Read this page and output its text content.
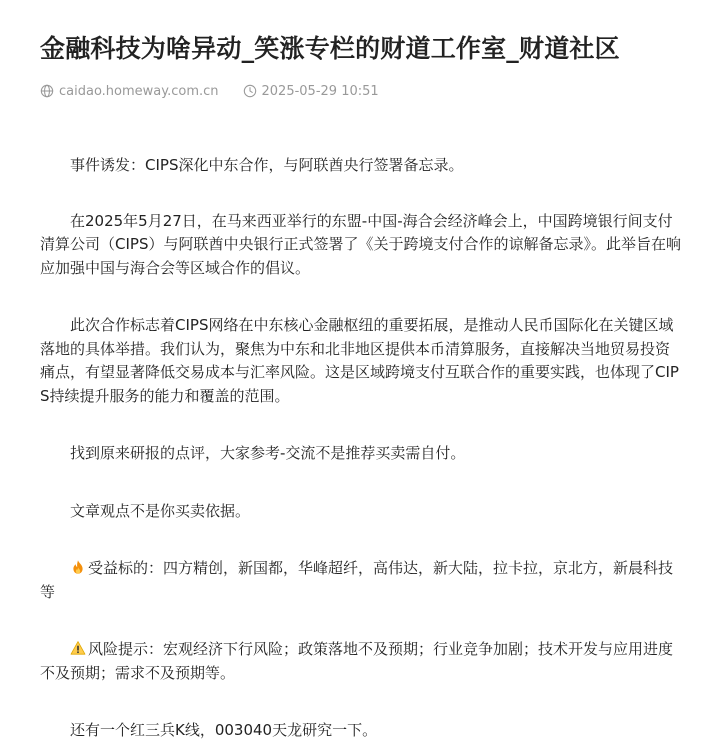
金融科技为啥异动_笑涨专栏的财道工作室_财道社区
caidao.homeway.com.cn	2025-05-29 10:51

事件诱发：CIPS深化中东合作，与阿联酋央行签署备忘录。

在2025年5月27日，在马来西亚举行的东盟-中国-海合会经济峰会上，中国跨境银行间支付清算公司（CIPS）与阿联酋中央银行正式签署了《关于跨境支付合作的谅解备忘录》。此举旨在响应加强中国与海合会等区域合作的倡议。

此次合作标志着CIPS网络在中东核心金融枢纽的重要拓展，是推动人民币国际化在关键区域落地的具体举措。我们认为，聚焦为中东和北非地区提供本币清算服务，直接解决当地贸易投资痛点，有望显著降低交易成本与汇率风险。这是区域跨境支付互联合作的重要实践，也体现了CIPS持续提升服务的能力和覆盖的范围。

找到原来研报的点评，大家参考-交流不是推荐买卖需自付。

文章观点不是你买卖依据。

受益标的：四方精创，新国都，华峰超纤，高伟达，新大陆，拉卡拉，京北方，新晨科技等

风险提示：宏观经济下行风险；政策落地不及预期；行业竞争加剧；技术开发与应用进度不及预期；需求不及预期等。

还有一个红三兵K线，003040天龙研究一下。
